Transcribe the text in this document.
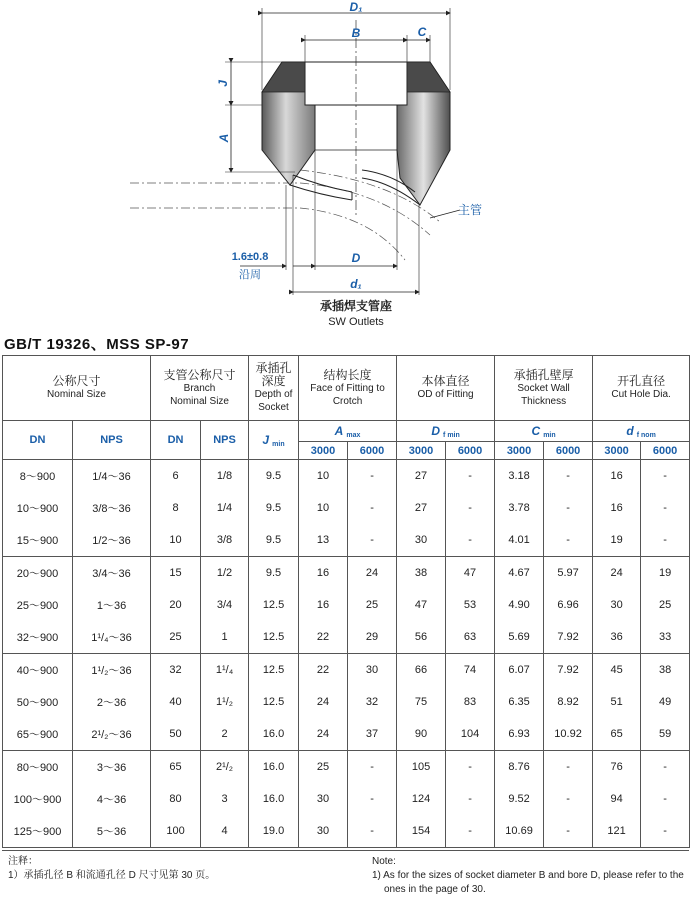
D₁
B	C
J
A
D
1.6±0.8
沿周
d₁
主管
承插焊支管座
SW Outlets
GB/T 19326、MSS SP-97
公称尺寸
Nominal Size		支管公称尺寸
Branch
Nominal Size		承插孔
深度
Depth of
Socket	结构长度
Face of Fitting to
Crotch		本体直径
OD of Fitting		承插孔壁厚
Socket Wall
Thickness		开孔直径
Cut Hole Dia.	

DN	NPS	DN	NPS	J $_{min}$	A $_{max}$		D $_{f min}$		C $_{min}$		d $_{f nom}$
					3000	6000	3000	6000	3000	6000	3000	6000
8～900	1/4～36	6	1/8	9.5	10	-	27	-	3.18	-	16	-
10～900	3/8～36	8	1/4	9.5	10	-	27	-	3.78	-	16	-
15～900	1/2～36	10	3/8	9.5	13	-	30	-	4.01	-	19	-
20～900	3/4～36	15	1/2	9.5	16	24	38	47	4.67	5.97	24	19
25～900	1～36	20	3/4	12.5	16	25	47	53	4.90	6.96	30	25
32～900	1¹/₄～36	25	1	12.5	22	29	56	63	5.69	7.92	36	33
40～900	1¹/₂～36	32	1¹/₄	12.5	22	30	66	74	6.07	7.92	45	38
50～900	2～36	40	1¹/₂	12.5	24	32	75	83	6.35	8.92	51	49
65～900	2¹/₂～36	50	2	16.0	24	37	90	104	6.93	10.92	65	59
80～900	3～36	65	2¹/₂	16.0	25	-	105	-	8.76	-	76	-
100～900	4～36	80	3	16.0	30	-	124	-	9.52	-	94	-
125～900	5～36	100	4	19.0	30	-	154	-	10.69	-	121	-
注释：
1）承插孔径 B 和流通孔径 D 尺寸见第 30 页。
Note:
1) As for the sizes of socket diameter B and bore D, please refer to the
ones in the page of 30.
